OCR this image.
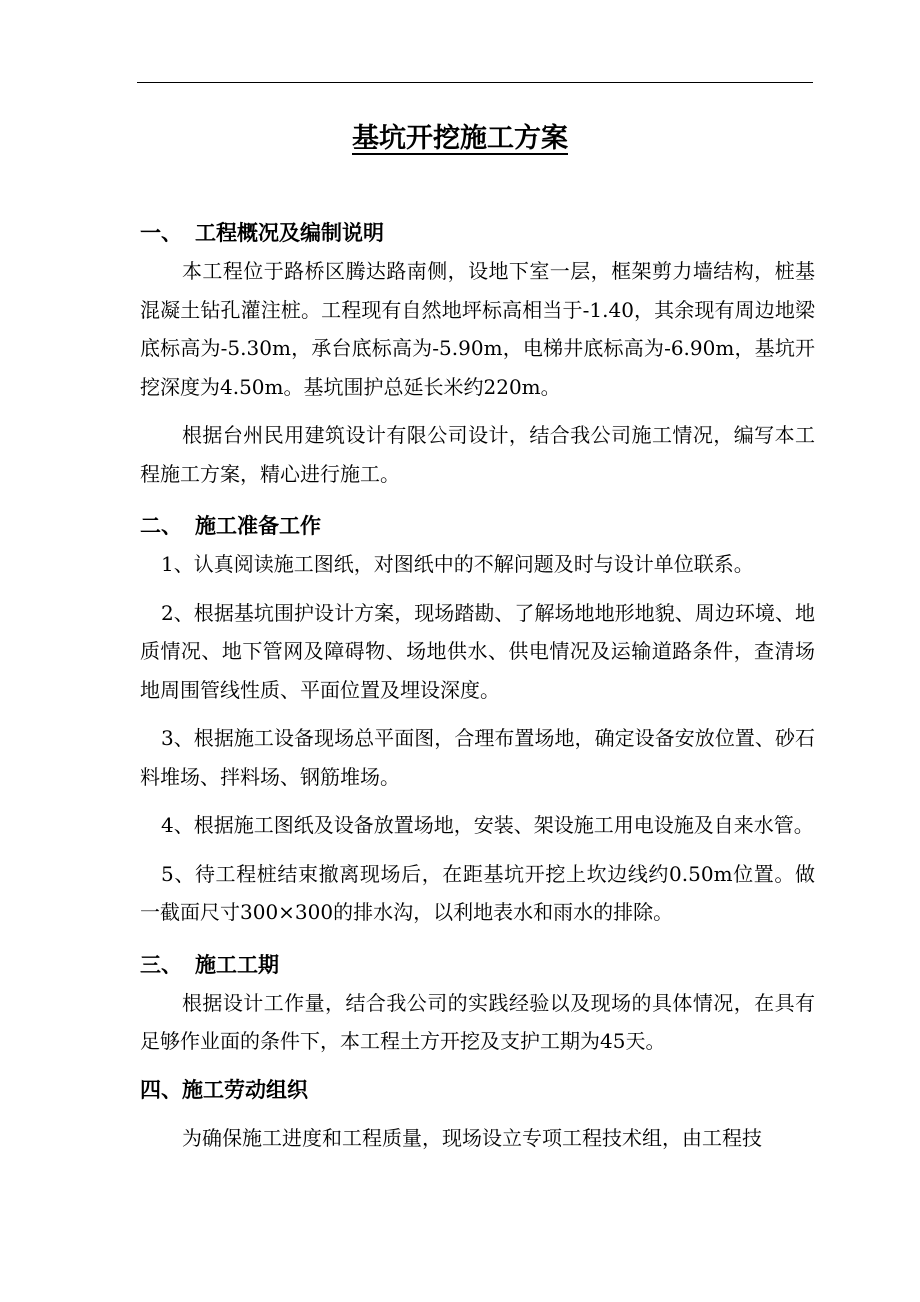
基坑开挖施工方案
一、 工程概况及编制说明

本工程位于路桥区腾达路南侧，设地下室一层，框架剪力墙结构，桩基混凝土钻孔灌注桩。工程现有自然地坪标高相当于-1.40，其余现有周边地梁底标高为-5.30m，承台底标高为-5.90m，电梯井底标高为-6.90m，基坑开挖深度为4.50m。基坑围护总延长米约220m。

根据台州民用建筑设计有限公司设计，结合我公司施工情况，编写本工程施工方案，精心进行施工。

二、 施工准备工作

1、认真阅读施工图纸，对图纸中的不解问题及时与设计单位联系。

2、根据基坑围护设计方案，现场踏勘、了解场地地形地貌、周边环境、地质情况、地下管网及障碍物、场地供水、供电情况及运输道路条件，查清场地周围管线性质、平面位置及埋设深度。

3、根据施工设备现场总平面图，合理布置场地，确定设备安放位置、砂石料堆场、拌料场、钢筋堆场。

4、根据施工图纸及设备放置场地，安装、架设施工用电设施及自来水管。

5、待工程桩结束撤离现场后，在距基坑开挖上坎边线约0.50m位置。做一截面尺寸300×300的排水沟，以利地表水和雨水的排除。

三、 施工工期

根据设计工作量，结合我公司的实践经验以及现场的具体情况，在具有足够作业面的条件下，本工程土方开挖及支护工期为45天。

四、施工劳动组织

为确保施工进度和工程质量，现场设立专项工程技术组，由工程技
